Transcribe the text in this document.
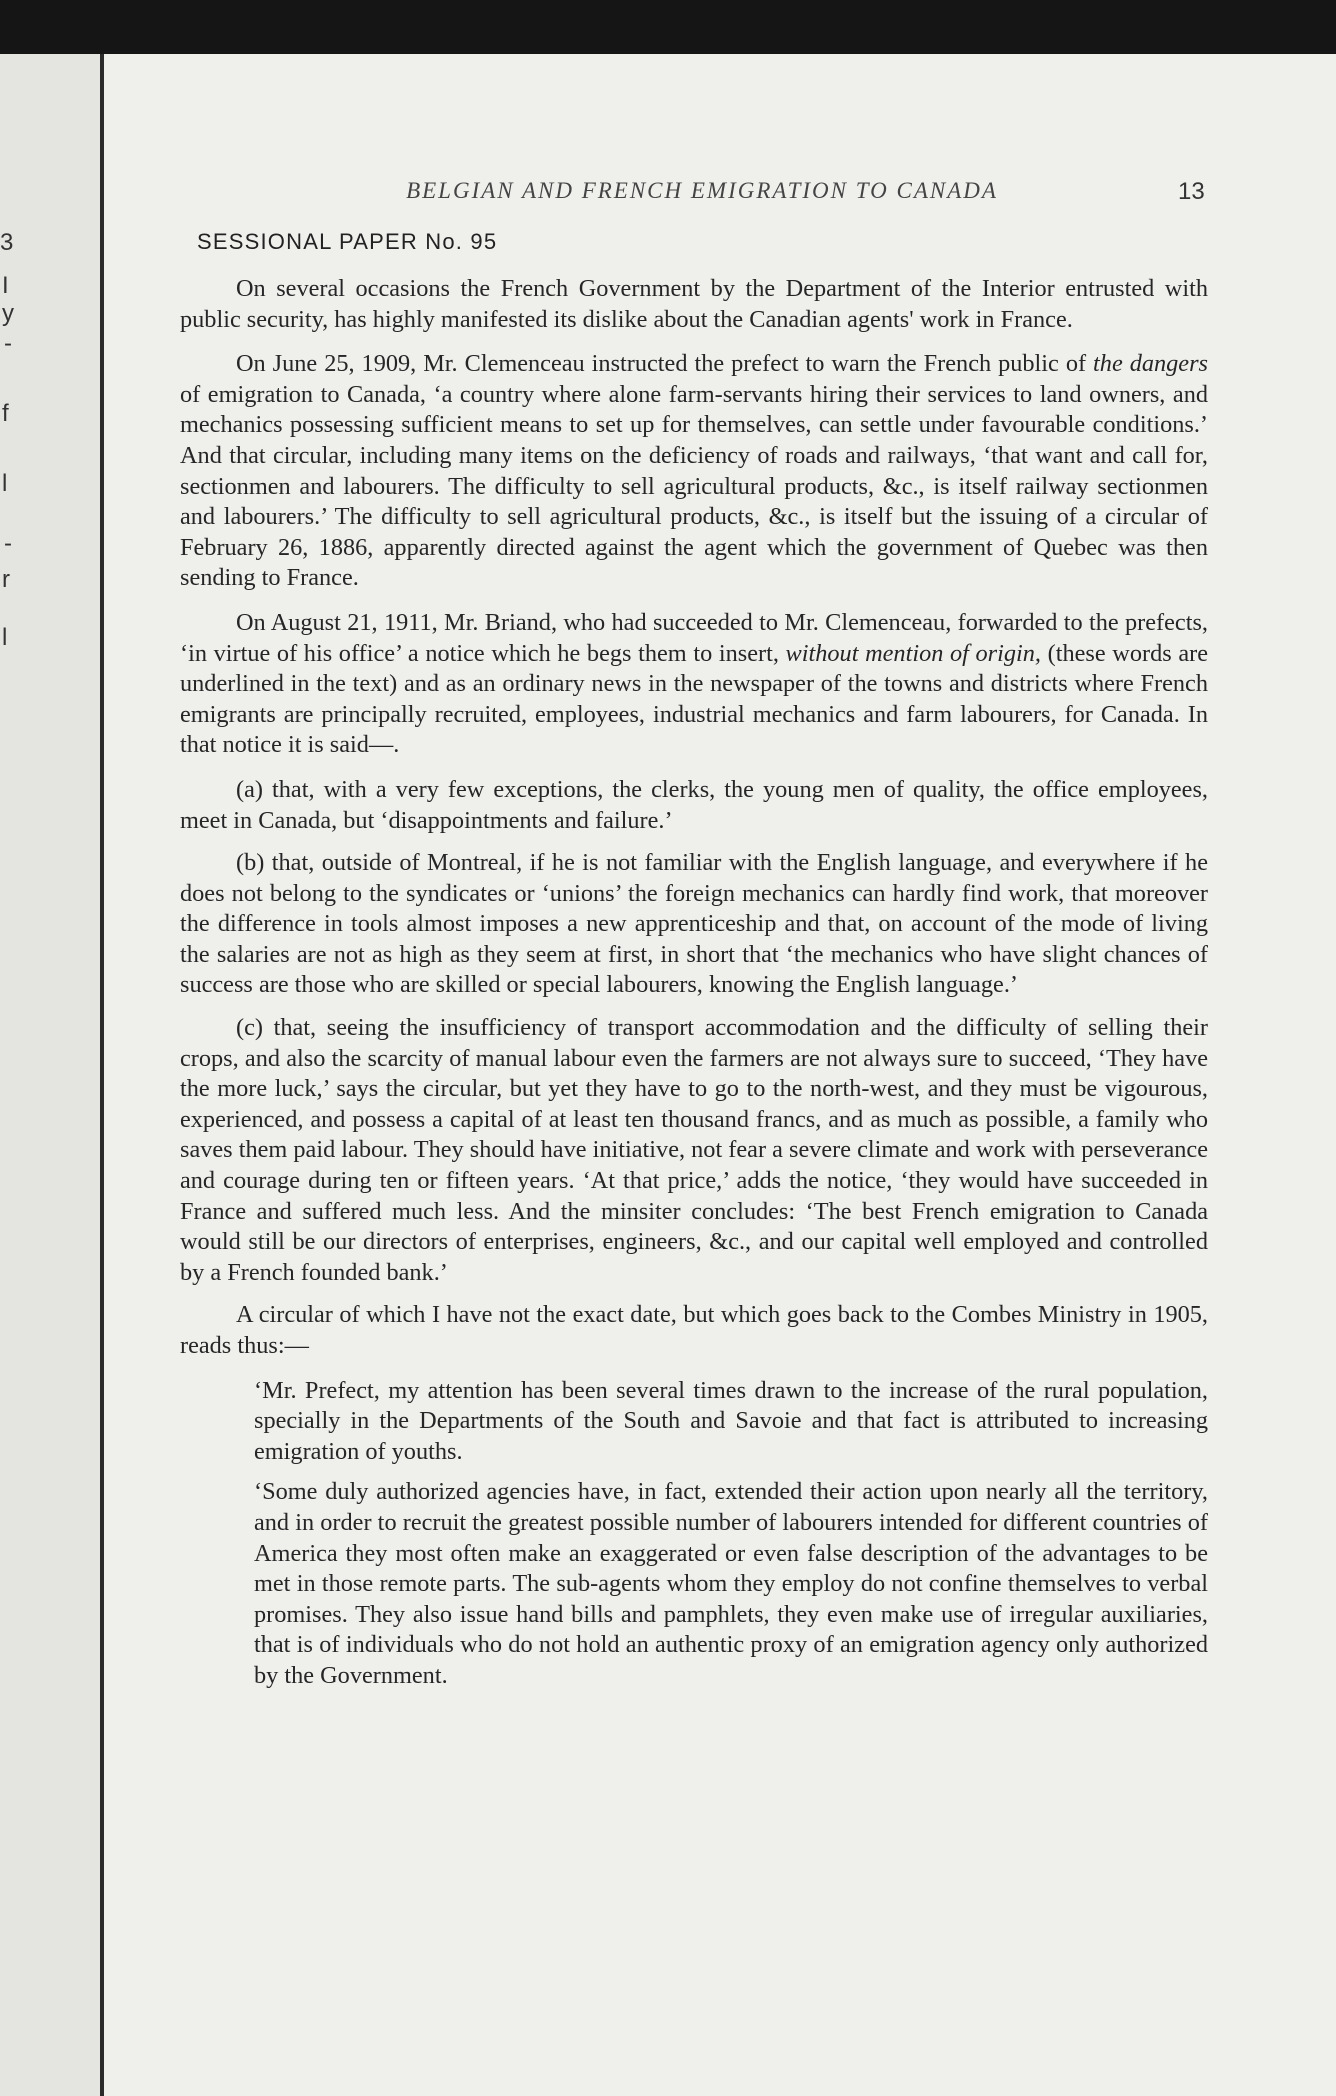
3
I
y
-
f
l
-
r
l
BELGIAN AND FRENCH EMIGRATION TO CANADA	13
SESSIONAL PAPER No. 95

On several occasions the French Government by the Department of the Interior entrusted with public security, has highly manifested its dislike about the Canadian agents' work in France.

On June 25, 1909, Mr. Clemenceau instructed the prefect to warn the French public of the dangers of emigration to Canada, ‘a country where alone farm-servants hiring their services to land owners, and mechanics possessing sufficient means to set up for themselves, can settle under favourable conditions.’ And that circular, including many items on the deficiency of roads and railways, ‘that want and call for, sectionmen and labourers. The difficulty to sell agricultural products, &c., is itself railway sectionmen and labourers.’ The difficulty to sell agricultural products, &c., is itself but the issuing of a circular of February 26, 1886, apparently directed against the agent which the government of Quebec was then sending to France.

On August 21, 1911, Mr. Briand, who had succeeded to Mr. Clemenceau, forwarded to the prefects, ‘in virtue of his office’ a notice which he begs them to insert, without mention of origin, (these words are underlined in the text) and as an ordinary news in the newspaper of the towns and districts where French emigrants are principally recruited, employees, industrial mechanics and farm labourers, for Canada. In that notice it is said—.

(a) that, with a very few exceptions, the clerks, the young men of quality, the office employees, meet in Canada, but ‘disappointments and failure.’

(b) that, outside of Montreal, if he is not familiar with the English language, and everywhere if he does not belong to the syndicates or ‘unions’ the foreign mechanics can hardly find work, that moreover the difference in tools almost imposes a new apprenticeship and that, on account of the mode of living the salaries are not as high as they seem at first, in short that ‘the mechanics who have slight chances of success are those who are skilled or special labourers, knowing the English language.’

(c) that, seeing the insufficiency of transport accommodation and the difficulty of selling their crops, and also the scarcity of manual labour even the farmers are not always sure to succeed, ‘They have the more luck,’ says the circular, but yet they have to go to the north-west, and they must be vigourous, experienced, and possess a capital of at least ten thousand francs, and as much as possible, a family who saves them paid labour. They should have initiative, not fear a severe climate and work with perseverance and courage during ten or fifteen years. ‘At that price,’ adds the notice, ‘they would have succeeded in France and suffered much less. And the minsiter concludes: ‘The best French emigration to Canada would still be our directors of enterprises, engineers, &c., and our capital well employed and controlled by a French founded bank.’

A circular of which I have not the exact date, but which goes back to the Combes Ministry in 1905, reads thus:—

‘Mr. Prefect, my attention has been several times drawn to the increase of the rural population, specially in the Departments of the South and Savoie and that fact is attributed to increasing emigration of youths.

‘Some duly authorized agencies have, in fact, extended their action upon nearly all the territory, and in order to recruit the greatest possible number of labourers intended for different countries of America they most often make an exaggerated or even false description of the advantages to be met in those remote parts. The sub-agents whom they employ do not confine themselves to verbal promises. They also issue hand bills and pamphlets, they even make use of irregular auxiliaries, that is of individuals who do not hold an authentic proxy of an emigration agency only authorized by the Government.
